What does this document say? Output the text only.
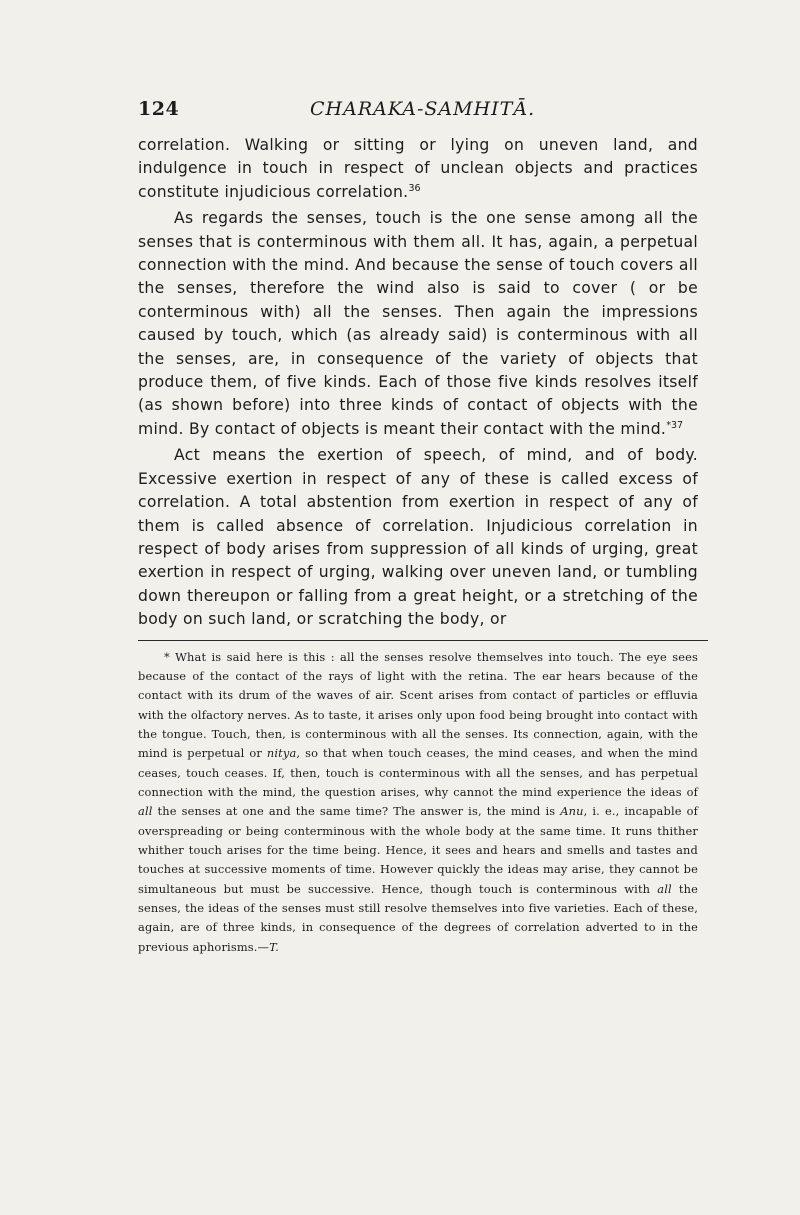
124	CHARAKA-SAMHITĀ.

correlation. Walking or sitting or lying on uneven land, and indulgence in touch in respect of unclean objects and practices constitute injudicious correlation.$^{36}$

As regards the senses, touch is the one sense among all the senses that is conterminous with them all. It has, again, a perpetual connection with the mind. And because the sense of touch covers all the senses, therefore the wind also is said to cover ( or be conterminous with) all the senses. Then again the impressions caused by touch, which (as already said) is conterminous with all the senses, are, in consequence of the variety of objects that produce them, of five kinds. Each of those five kinds resolves itself (as shown before) into three kinds of contact of objects with the mind. By contact of objects is meant their contact with the mind.$^{*37}$

Act means the exertion of speech, of mind, and of body. Excessive exertion in respect of any of these is called excess of correlation. A total abstention from exertion in respect of any of them is called absence of correlation. Injudicious correlation in respect of body arises from suppression of all kinds of urging, great exertion in respect of urging, walking over uneven land, or tumbling down thereupon or falling from a great height, or a stretching of the body on such land, or scratching the body, or

* What is said here is this : all the senses resolve themselves into touch. The eye sees because of the contact of the rays of light with the retina. The ear hears because of the contact with its drum of the waves of air. Scent arises from contact of particles or effluvia with the olfactory nerves. As to taste, it arises only upon food being brought into contact with the tongue. Touch, then, is conterminous with all the senses. Its connection, again, with the mind is perpetual or nitya, so that when touch ceases, the mind ceases, and when the mind ceases, touch ceases. If, then, touch is conterminous with all the senses, and has perpetual connection with the mind, the question arises, why cannot the mind experience the ideas of all the senses at one and the same time? The answer is, the mind is Anu, i. e., incapable of overspreading or being conterminous with the whole body at the same time. It runs thither whither touch arises for the time being. Hence, it sees and hears and smells and tastes and touches at successive moments of time. However quickly the ideas may arise, they cannot be simultaneous but must be successive. Hence, though touch is conterminous with all the senses, the ideas of the senses must still resolve themselves into five varieties. Each of these, again, are of three kinds, in consequence of the degrees of correlation adverted to in the previous aphorisms.—T.
